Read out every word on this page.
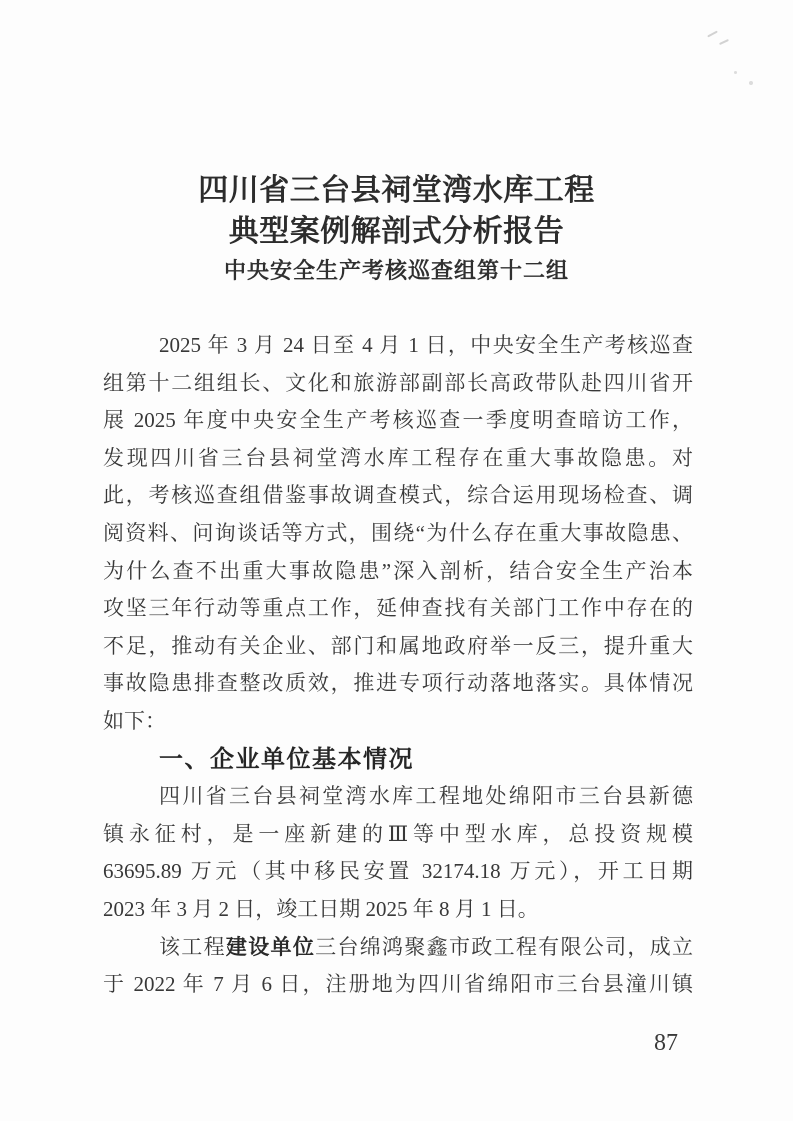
四川省三台县祠堂湾水库工程
典型案例解剖式分析报告
中央安全生产考核巡查组第十二组
2025 年 3 月 24 日至 4 月 1 日，中央安全生产考核巡查
组第十二组组长、文化和旅游部副部长高政带队赴四川省开
展 2025 年度中央安全生产考核巡查一季度明查暗访工作，
发现四川省三台县祠堂湾水库工程存在重大事故隐患。对
此，考核巡查组借鉴事故调查模式，综合运用现场检查、调
阅资料、问询谈话等方式，围绕“为什么存在重大事故隐患、
为什么查不出重大事故隐患”深入剖析，结合安全生产治本
攻坚三年行动等重点工作，延伸查找有关部门工作中存在的
不足，推动有关企业、部门和属地政府举一反三，提升重大
事故隐患排查整改质效，推进专项行动落地落实。具体情况
如下：
一、企业单位基本情况
四川省三台县祠堂湾水库工程地处绵阳市三台县新德
镇永征村，是一座新建的Ⅲ等中型水库，总投资规模
63695.89 万元（其中移民安置 32174.18 万元），开工日期
2023 年 3 月 2 日，竣工日期 2025 年 8 月 1 日。
该工程建设单位三台绵鸿聚鑫市政工程有限公司，成立
于 2022 年 7 月 6 日，注册地为四川省绵阳市三台县潼川镇
87
